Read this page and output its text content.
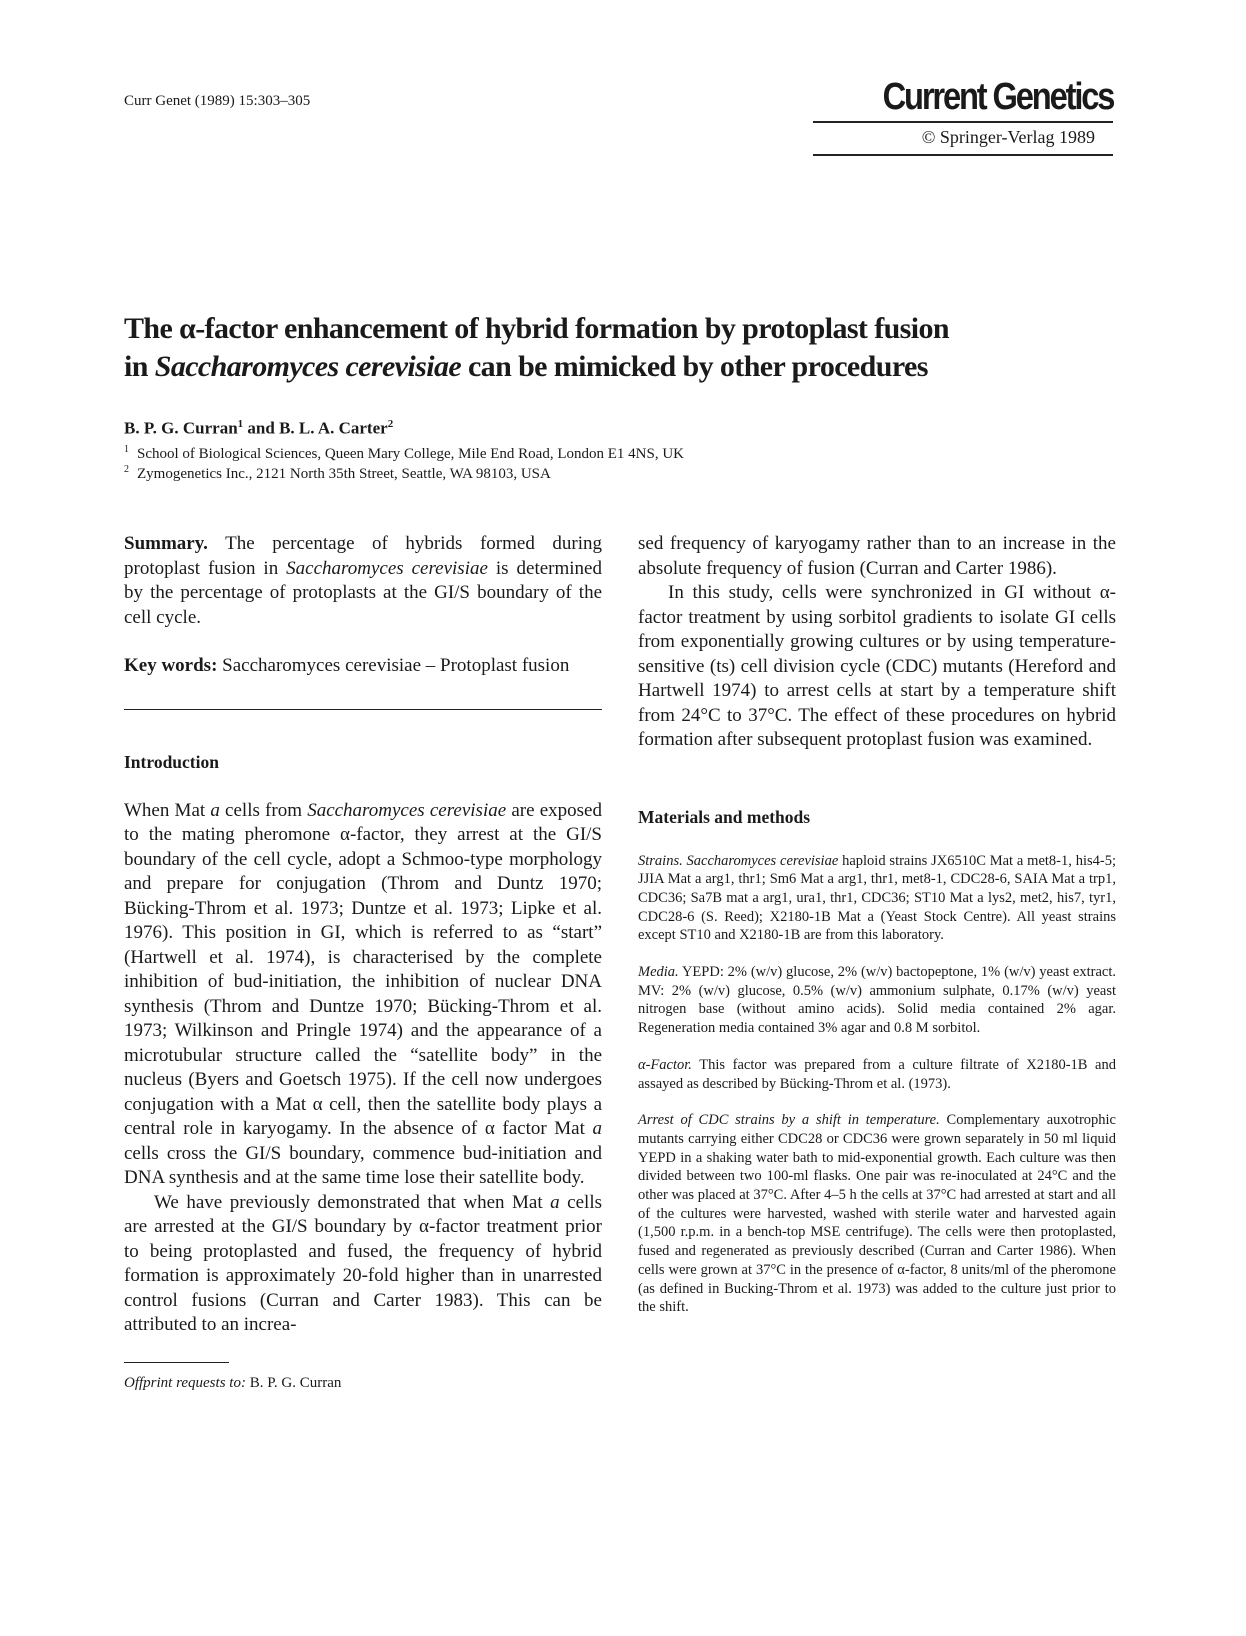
Curr Genet (1989) 15:303–305	Current Genetics
© Springer-Verlag 1989
The α-factor enhancement of hybrid formation by protoplast fusion
in Saccharomyces cerevisiae can be mimicked by other procedures
B. P. G. Curran$^1$ and B. L. A. Carter$^2$
$^1$ School of Biological Sciences, Queen Mary College, Mile End Road, London E1 4NS, UK
$^2$ Zymogenetics Inc., 2121 North 35th Street, Seattle, WA 98103, USA

Summary. The percentage of hybrids formed during protoplast fusion in Saccharomyces cerevisiae is determined by the percentage of protoplasts at the GI/S boundary of the cell cycle.

Key words: Saccharomyces cerevisiae – Protoplast fusion

Introduction

When Mat a cells from Saccharomyces cerevisiae are exposed to the mating pheromone α-factor, they arrest at the GI/S boundary of the cell cycle, adopt a Schmoo-type morphology and prepare for conjugation (Throm and Duntz 1970; Bücking-Throm et al. 1973; Duntze et al. 1973; Lipke et al. 1976). This position in GI, which is referred to as “start” (Hartwell et al. 1974), is characterised by the complete inhibition of bud-initiation, the inhibition of nuclear DNA synthesis (Throm and Duntze 1970; Bücking-Throm et al. 1973; Wilkinson and Pringle 1974) and the appearance of a microtubular structure called the “satellite body” in the nucleus (Byers and Goetsch 1975). If the cell now undergoes conjugation with a Mat α cell, then the satellite body plays a central role in karyogamy. In the absence of α factor Mat a cells cross the GI/S boundary, commence bud-initiation and DNA synthesis and at the same time lose their satellite body.

We have previously demonstrated that when Mat a cells are arrested at the GI/S boundary by α-factor treatment prior to being protoplasted and fused, the frequency of hybrid formation is approximately 20-fold higher than in unarrested control fusions (Curran and Carter 1983). This can be attributed to an increa-

Offprint requests to: B. P. G. Curran

sed frequency of karyogamy rather than to an increase in the absolute frequency of fusion (Curran and Carter 1986).

In this study, cells were synchronized in GI without α-factor treatment by using sorbitol gradients to isolate GI cells from exponentially growing cultures or by using temperature-sensitive (ts) cell division cycle (CDC) mutants (Hereford and Hartwell 1974) to arrest cells at start by a temperature shift from 24°C to 37°C. The effect of these procedures on hybrid formation after subsequent protoplast fusion was examined.

Materials and methods

Strains. Saccharomyces cerevisiae haploid strains JX6510C Mat a met8-1, his4-5; JJIA Mat a arg1, thr1; Sm6 Mat a arg1, thr1, met8-1, CDC28-6, SAIA Mat a trp1, CDC36; Sa7B mat a arg1, ura1, thr1, CDC36; ST10 Mat a lys2, met2, his7, tyr1, CDC28-6 (S. Reed); X2180-1B Mat a (Yeast Stock Centre). All yeast strains except ST10 and X2180-1B are from this laboratory.

Media. YEPD: 2% (w/v) glucose, 2% (w/v) bactopeptone, 1% (w/v) yeast extract. MV: 2% (w/v) glucose, 0.5% (w/v) ammonium sulphate, 0.17% (w/v) yeast nitrogen base (without amino acids). Solid media contained 2% agar. Regeneration media contained 3% agar and 0.8 M sorbitol.

α-Factor. This factor was prepared from a culture filtrate of X2180-1B and assayed as described by Bücking-Throm et al. (1973).

Arrest of CDC strains by a shift in temperature. Complementary auxotrophic mutants carrying either CDC28 or CDC36 were grown separately in 50 ml liquid YEPD in a shaking water bath to mid-exponential growth. Each culture was then divided between two 100-ml flasks. One pair was re-inoculated at 24°C and the other was placed at 37°C. After 4–5 h the cells at 37°C had arrested at start and all of the cultures were harvested, washed with sterile water and harvested again (1,500 r.p.m. in a bench-top MSE centrifuge). The cells were then protoplasted, fused and regenerated as previously described (Curran and Carter 1986). When cells were grown at 37°C in the presence of α-factor, 8 units/ml of the pheromone (as defined in Bucking-Throm et al. 1973) was added to the culture just prior to the shift.
